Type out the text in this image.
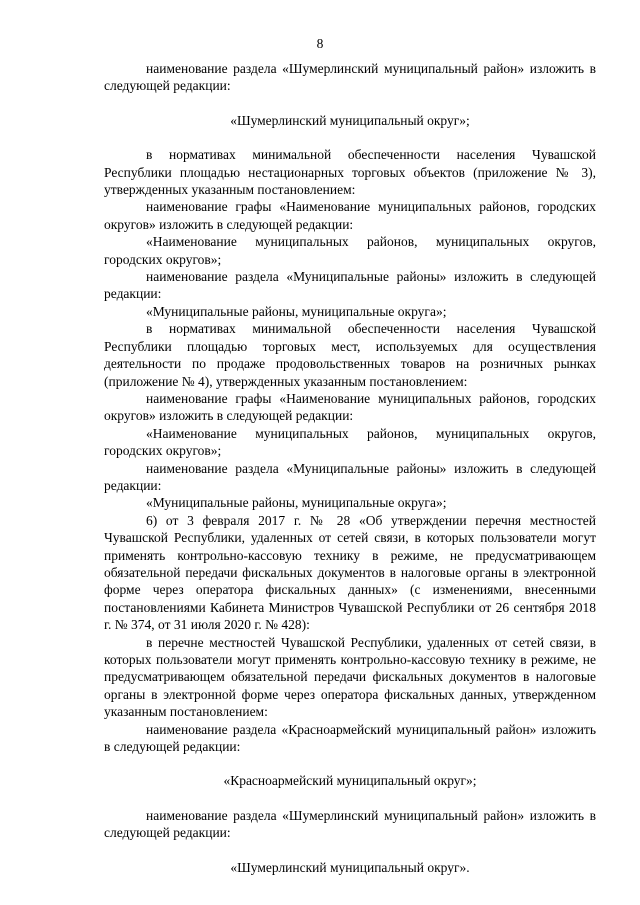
8

наименование раздела «Шумерлинский муниципальный район» изложить в следующей редакции:

«Шумерлинский муниципальный округ»;

в нормативах минимальной обеспеченности населения Чувашской Республики площадью нестационарных торговых объектов (приложение № 3), утвержденных указанным постановлением:

наименование графы «Наименование муниципальных районов, городских округов» изложить в следующей редакции:

«Наименование муниципальных районов, муниципальных округов, городских округов»;

наименование раздела «Муниципальные районы» изложить в следующей редакции:

«Муниципальные районы, муниципальные округа»;

в нормативах минимальной обеспеченности населения Чувашской Республики площадью торговых мест, используемых для осуществления деятельности по продаже продовольственных товаров на розничных рынках (приложение № 4), утвержденных указанным постановлением:

наименование графы «Наименование муниципальных районов, городских округов» изложить в следующей редакции:

«Наименование муниципальных районов, муниципальных округов, городских округов»;

наименование раздела «Муниципальные районы» изложить в следующей редакции:

«Муниципальные районы, муниципальные округа»;

6) от 3 февраля 2017 г. № 28 «Об утверждении перечня местностей Чувашской Республики, удаленных от сетей связи, в которых пользователи могут применять контрольно-кассовую технику в режиме, не предусматривающем обязательной передачи фискальных документов в налоговые органы в электронной форме через оператора фискальных данных» (с изменениями, внесенными постановлениями Кабинета Министров Чувашской Республики от 26 сентября 2018 г. № 374, от 31 июля 2020 г. № 428):

в перечне местностей Чувашской Республики, удаленных от сетей связи, в которых пользователи могут применять контрольно-кассовую технику в режиме, не предусматривающем обязательной передачи фискальных документов в налоговые органы в электронной форме через оператора фискальных данных, утвержденном указанным постановлением:

наименование раздела «Красноармейский муниципальный район» изложить в следующей редакции:

«Красноармейский муниципальный округ»;

наименование раздела «Шумерлинский муниципальный район» изложить в следующей редакции:

«Шумерлинский муниципальный округ».
